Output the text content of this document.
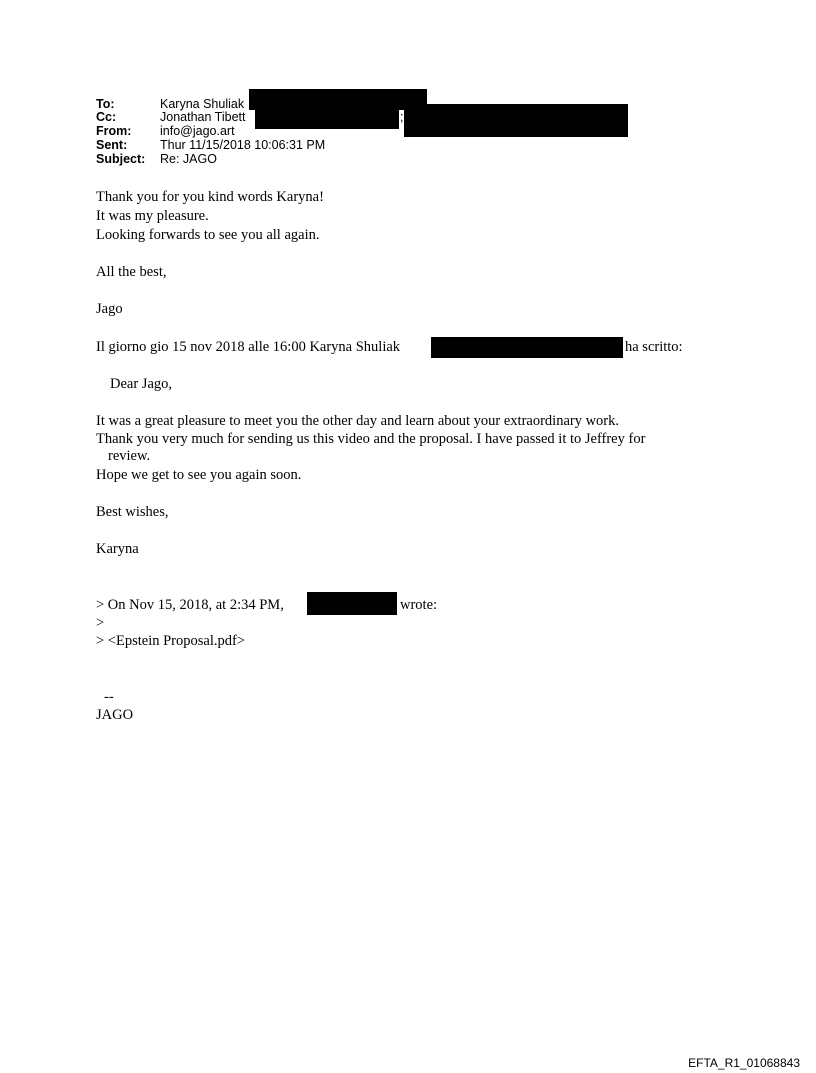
To:	Karyna Shuliak
Cc:	Jonathan Tibett	;
From: info@jago.art
Sent:	Thur 11/15/2018 10:06:31 PM
Subject: Re: JAGO
Thank you for you kind words Karyna!
It was my pleasure.
Looking forwards to see you all again.
All the best,
Jago
Il giorno gio 15 nov 2018 alle 16:00 Karyna Shuliak	ha scritto:
Dear Jago,
It was a great pleasure to meet you the other day and learn about your extraordinary work.
Thank you very much for sending us this video and the proposal. I have passed it to Jeffrey for
review.
Hope we get to see you again soon.
Best wishes,
Karyna
> On Nov 15, 2018, at 2:34 PM,	wrote:
>
> <Epstein Proposal.pdf>
--
JAGO
EFTA_R1_01068843
